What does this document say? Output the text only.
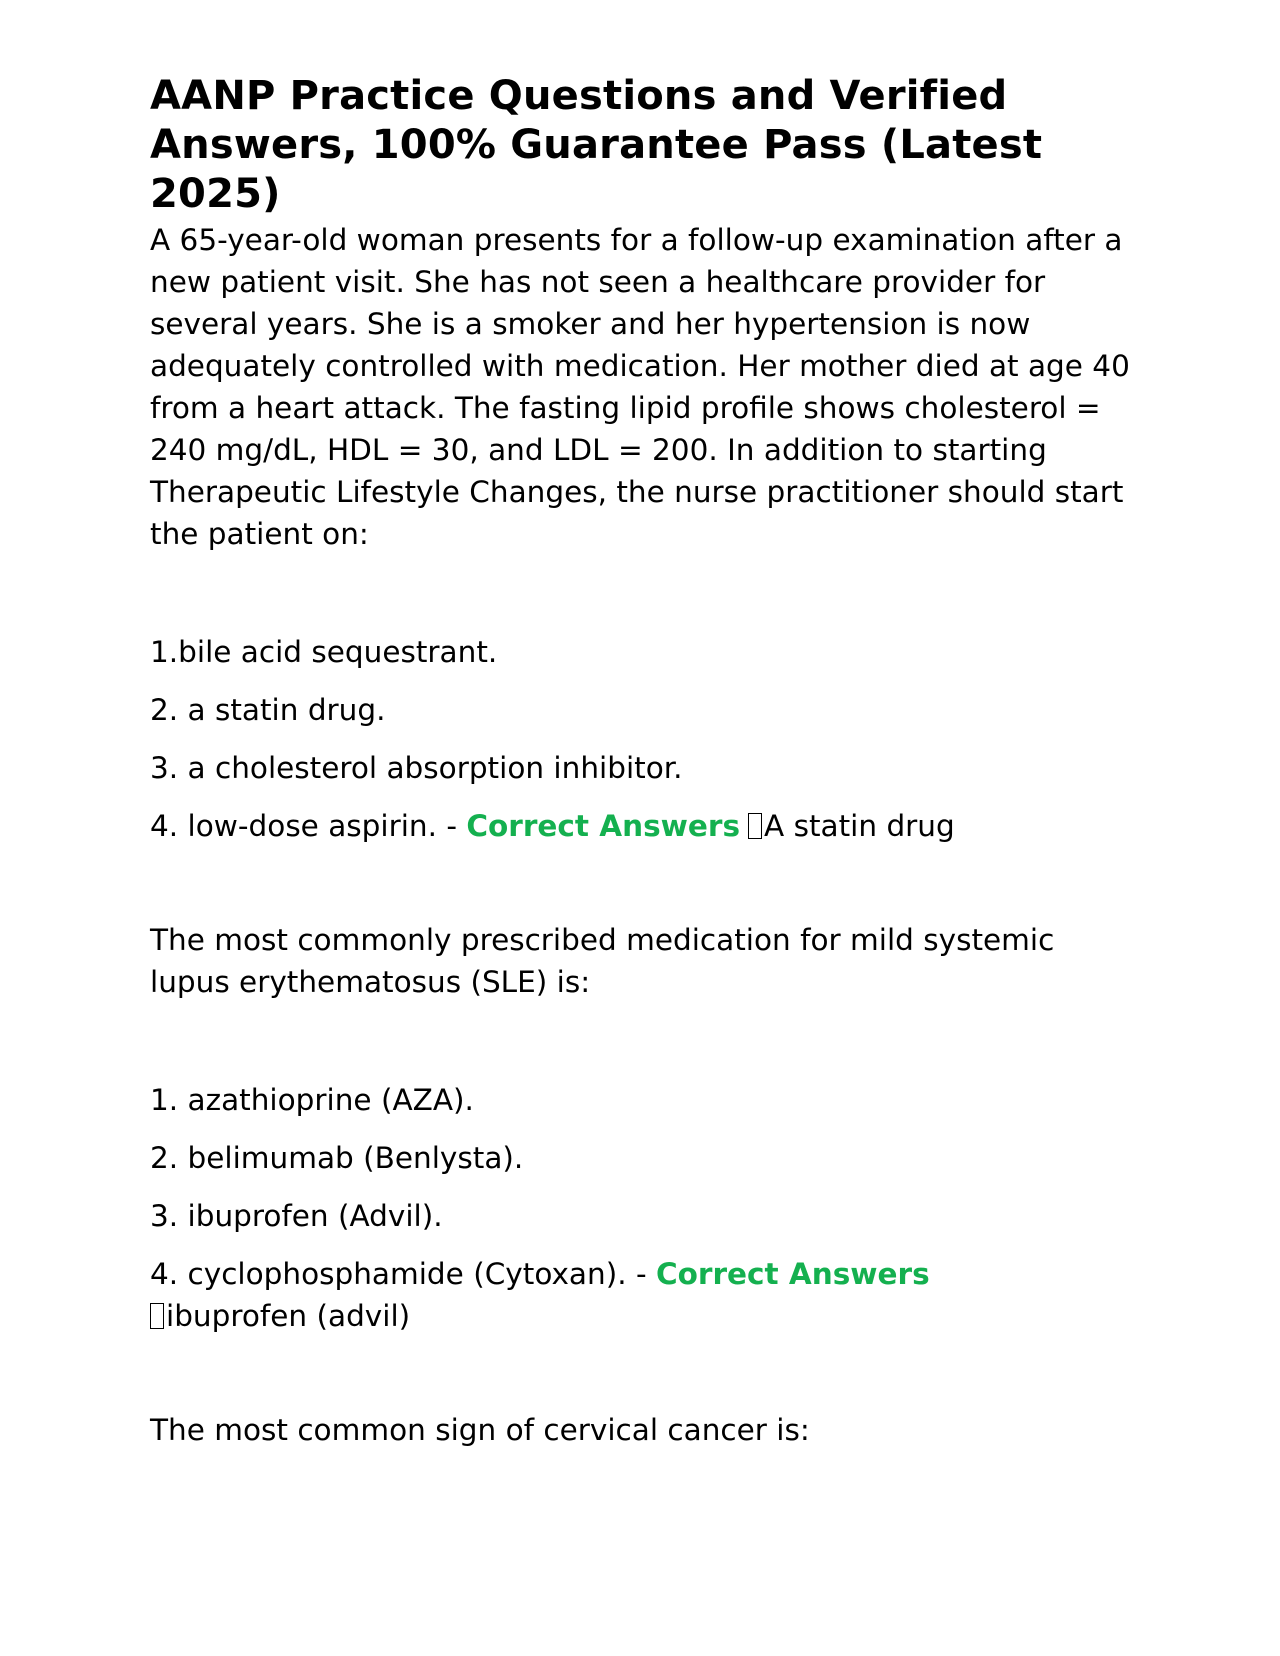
AANP Practice Questions and Verified Answers, 100% Guarantee Pass (Latest 2025)

A 65-year-old woman presents for a follow-up examination after a new patient visit. She has not seen a healthcare provider for several years. She is a smoker and her hypertension is now adequately controlled with medication. Her mother died at age 40 from a heart attack. The fasting lipid profile shows cholesterol = 240 mg/dL, HDL = 30, and LDL = 200. In addition to starting Therapeutic Lifestyle Changes, the nurse practitioner should start the patient on:

1.bile acid sequestrant.

2. a statin drug.

3. a cholesterol absorption inhibitor.

4. low-dose aspirin. - Correct Answers A statin drug

The most commonly prescribed medication for mild systemic lupus erythematosus (SLE) is:

1. azathioprine (AZA).

2. belimumab (Benlysta).

3. ibuprofen (Advil).

4. cyclophosphamide (Cytoxan). - Correct Answers
ibuprofen (advil)

The most common sign of cervical cancer is:
